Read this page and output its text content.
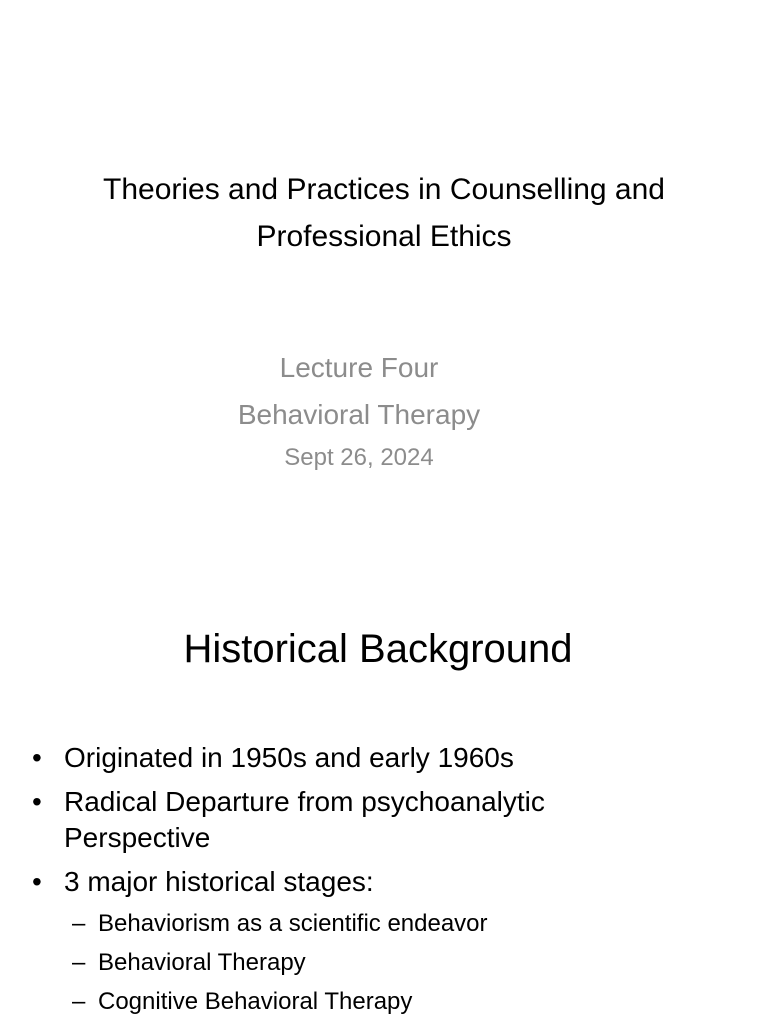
Theories and Practices in Counselling and
Professional Ethics
Lecture Four
Behavioral Therapy
Sept 26, 2024
Historical Background
• Originated in 1950s and early 1960s
• Radical Departure from psychoanalytic
Perspective
• 3 major historical stages:
– Behaviorism as a scientific endeavor
– Behavioral Therapy
– Cognitive Behavioral Therapy
